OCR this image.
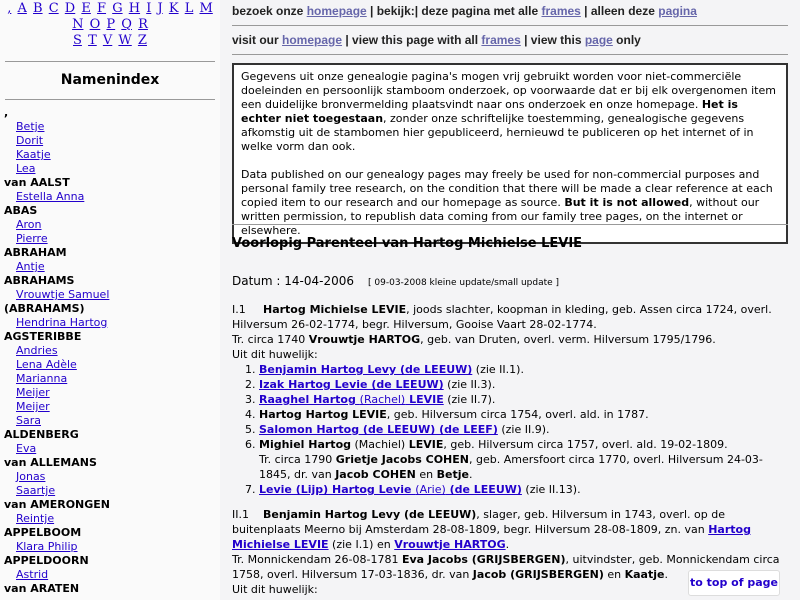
, A B C D E F G H I J K L M N O P Q R
S T V W Z
Namenindex
,
Betje
Dorit
Kaatje
Lea
van AALST
Estella Anna
ABAS
Aron
Pierre
ABRAHAM
Antje
ABRAHAMS
Vrouwtje Samuel
(ABRAHAMS)
Hendrina Hartog
AGSTERIBBE
Andries
Lena Adèle
Marianna
Meijer
Meijer
Sara
ALDENBERG
Eva
van ALLEMANS
Jonas
Saartje
van AMERONGEN
Reintje
APPELBOOM
Klara Philip
APPELDOORN
Astrid
van ARATEN
bezoek onze homepage | bekijk:| deze pagina met alle frames | alleen deze pagina
visit our homepage | view this page with all frames | view this page only

Gegevens uit onze genealogie pagina's mogen vrij gebruikt worden voor niet-commerciële doeleinden en persoonlijk stamboom onderzoek, op voorwaarde dat er bij elk overgenomen item een duidelijke bronvermelding plaatsvindt naar ons onderzoek en onze homepage. Het is echter niet toegestaan, zonder onze schriftelijke toestemming, genealogische gegevens afkomstig uit de stambomen hier gepubliceerd, hernieuwd te publiceren op het internet of in welke vorm dan ook.

Data published on our genealogy pages may freely be used for non-commercial purposes and personal family tree research, on the condition that there will be made a clear reference at each copied item to our research and our homepage as source. But it is not allowed, without our written permission, to republish data coming from our family tree pages, on the internet or elsewhere.

Voorlopig Parenteel van Hartog Michielse LEVIE
Datum : 14-04-2006 [ 09-03-2008 kleine update/small update ]
I.1 Hartog Michielse LEVIE, joods slachter, koopman in kleding, geb. Assen circa 1724, overl. Hilversum 26-02-1774, begr. Hilversum, Gooise Vaart 28-02-1774.
Tr. circa 1740 Vrouwtje HARTOG, geb. van Druten, overl. verm. Hilversum 1795/1796.
Uit dit huwelijk:
1. Benjamin Hartog Levy (de LEEUW) (zie II.1).
2. Izak Hartog Levie (de LEEUW) (zie II.3).
3. Raaghel Hartog (Rachel) LEVIE (zie II.7).
4. Hartog Hartog LEVIE, geb. Hilversum circa 1754, overl. ald. in 1787.
5. Salomon Hartog (de LEEUW) (de LEEF) (zie II.9).
6. Mighiel Hartog (Machiel) LEVIE, geb. Hilversum circa 1757, overl. ald. 19-02-1809.
Tr. circa 1790 Grietje Jacobs COHEN, geb. Amersfoort circa 1770, overl. Hilversum 24-03-1845, dr. van Jacob COHEN en Betje.
7. Levie (Lijp) Hartog Levie (Arie) (de LEEUW) (zie II.13).
II.1 Benjamin Hartog Levy (de LEEUW), slager, geb. Hilversum in 1743, overl. op de buitenplaats Meerno bij Amsterdam 28-08-1809, begr. Hilversum 28-08-1809, zn. van Hartog Michielse LEVIE (zie I.1) en Vrouwtje HARTOG.
Tr. Monnickendam 26-08-1781 Eva Jacobs (GRIJSBERGEN), uitvindster, geb. Monnickendam circa 1758, overl. Hilversum 17-03-1836, dr. van Jacob (GRIJSBERGEN) en Kaatje.
Uit dit huwelijk:
to top of page
